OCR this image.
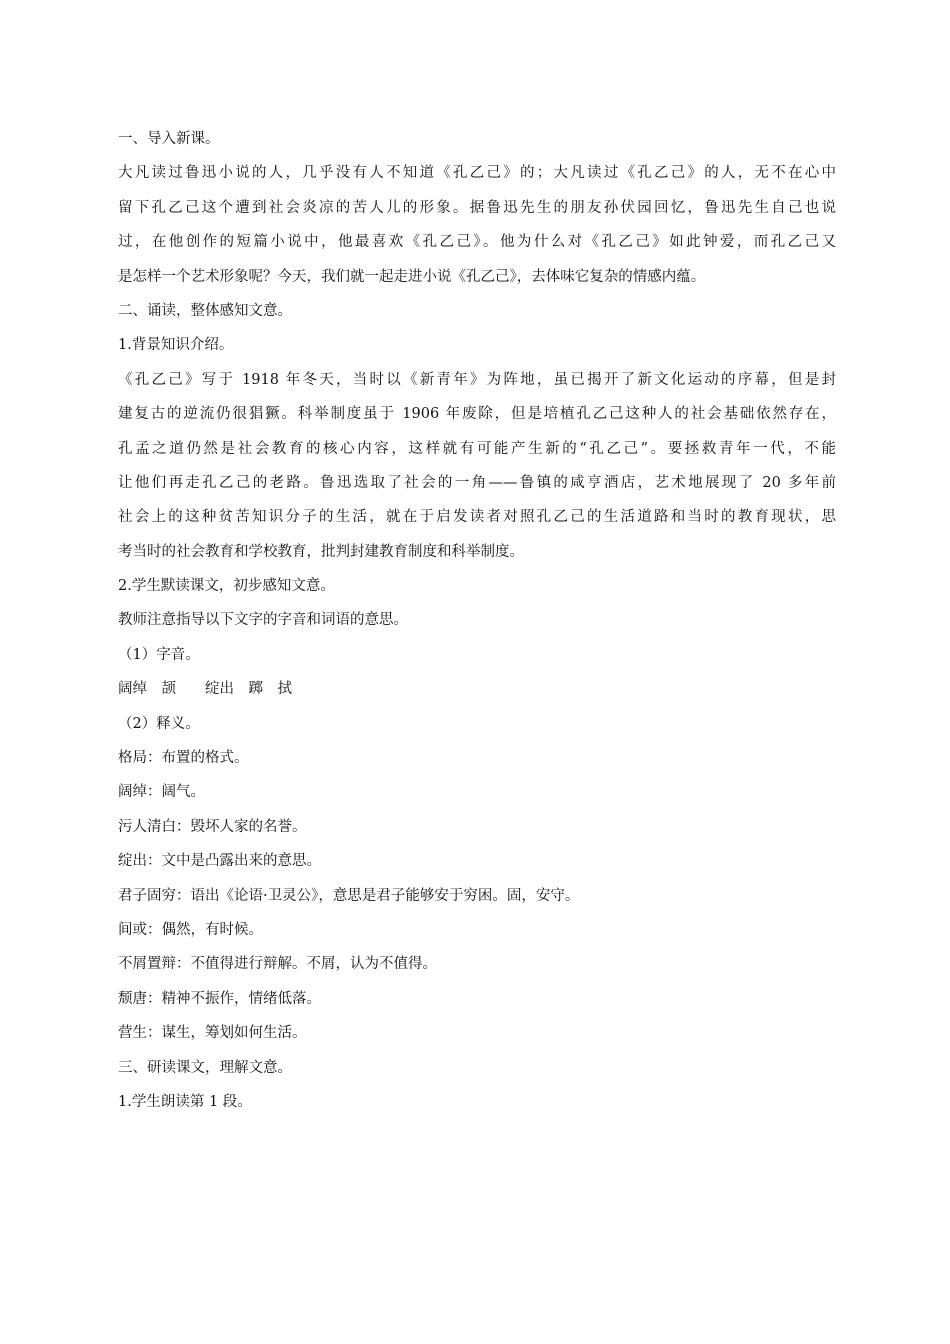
一、导入新课。
大凡读过鲁迅小说的人，几乎没有人不知道《孔乙己》的；大凡读过《孔乙己》的人，无不在心中
留下孔乙己这个遭到社会炎凉的苦人儿的形象。据鲁迅先生的朋友孙伏园回忆，鲁迅先生自己也说
过，在他创作的短篇小说中，他最喜欢《孔乙己》。他为什么对《孔乙己》如此钟爱，而孔乙己又
是怎样一个艺术形象呢？今天，我们就一起走进小说《孔乙己》，去体味它复杂的情感内蕴。
二、诵读，整体感知文意。
1.背景知识介绍。
《孔乙己》写于 1918 年冬天，当时以《新青年》为阵地，虽已揭开了新文化运动的序幕，但是封
建复古的逆流仍很猖獗。科举制度虽于 1906 年废除，但是培植孔乙己这种人的社会基础依然存在，
孔孟之道仍然是社会教育的核心内容，这样就有可能产生新的“孔乙己”。要拯救青年一代，不能
让他们再走孔乙己的老路。鲁迅选取了社会的一角——鲁镇的咸亨酒店，艺术地展现了 20 多年前
社会上的这种贫苦知识分子的生活，就在于启发读者对照孔乙己的生活道路和当时的教育现状，思
考当时的社会教育和学校教育，批判封建教育制度和科举制度。
2.学生默读课文，初步感知文意。
教师注意指导以下文字的字音和词语的意思。
（1）字音。
阔绰　颉　　绽出　踯　拭
（2）释义。
格局：布置的格式。
阔绰：阔气。
污人清白：毁坏人家的名誉。
绽出：文中是凸露出来的意思。
君子固穷：语出《论语·卫灵公》，意思是君子能够安于穷困。固，安守。
间或：偶然，有时候。
不屑置辩：不值得进行辩解。不屑，认为不值得。
颓唐：精神不振作，情绪低落。
营生：谋生，筹划如何生活。
三、研读课文，理解文意。
1.学生朗读第 1 段。
